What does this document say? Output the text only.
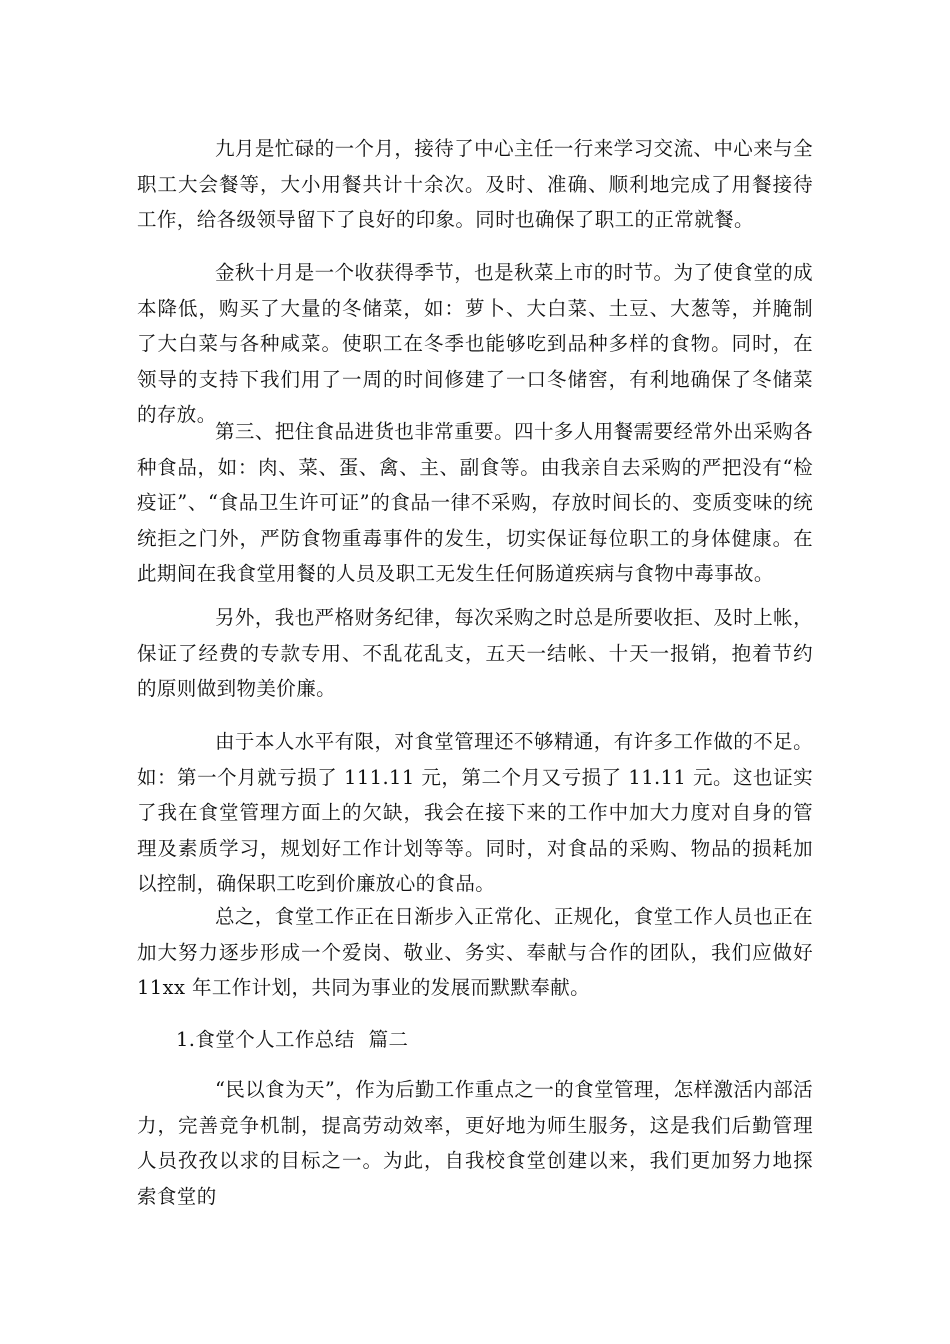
九月是忙碌的一个月，接待了中心主任一行来学习交流、中心来与全职工大会餐等，大小用餐共计十余次。及时、准确、顺利地完成了用餐接待工作，给各级领导留下了良好的印象。同时也确保了职工的正常就餐。

金秋十月是一个收获得季节，也是秋菜上市的时节。为了使食堂的成本降低，购买了大量的冬储菜，如：萝卜、大白菜、土豆、大葱等，并腌制了大白菜与各种咸菜。使职工在冬季也能够吃到品种多样的食物。同时，在领导的支持下我们用了一周的时间修建了一口冬储窖，有利地确保了冬储菜的存放。

第三、把住食品进货也非常重要。四十多人用餐需要经常外出采购各种食品，如：肉、菜、蛋、禽、主、副食等。由我亲自去采购的严把没有“检疫证”、“食品卫生许可证”的食品一律不采购，存放时间长的、变质变味的统统拒之门外，严防食物重毒事件的发生，切实保证每位职工的身体健康。在此期间在我食堂用餐的人员及职工无发生任何肠道疾病与食物中毒事故。

另外，我也严格财务纪律，每次采购之时总是所要收拒、及时上帐，保证了经费的专款专用、不乱花乱支，五天一结帐、十天一报销，抱着节约的原则做到物美价廉。

由于本人水平有限，对食堂管理还不够精通，有许多工作做的不足。如：第一个月就亏损了 111.11 元，第二个月又亏损了 11.11 元。这也证实了我在食堂管理方面上的欠缺，我会在接下来的工作中加大力度对自身的管理及素质学习，规划好工作计划等等。同时，对食品的采购、物品的损耗加以控制，确保职工吃到价廉放心的食品。

总之，食堂工作正在日渐步入正常化、正规化，食堂工作人员也正在加大努力逐步形成一个爱岗、敬业、务实、奉献与合作的团队，我们应做好 11xx 年工作计划，共同为事业的发展而默默奉献。

1.食堂个人工作总结 篇二

“民以食为天”，作为后勤工作重点之一的食堂管理，怎样激活内部活力，完善竞争机制，提高劳动效率，更好地为师生服务，这是我们后勤管理人员孜孜以求的目标之一。为此，自我校食堂创建以来，我们更加努力地探索食堂的
